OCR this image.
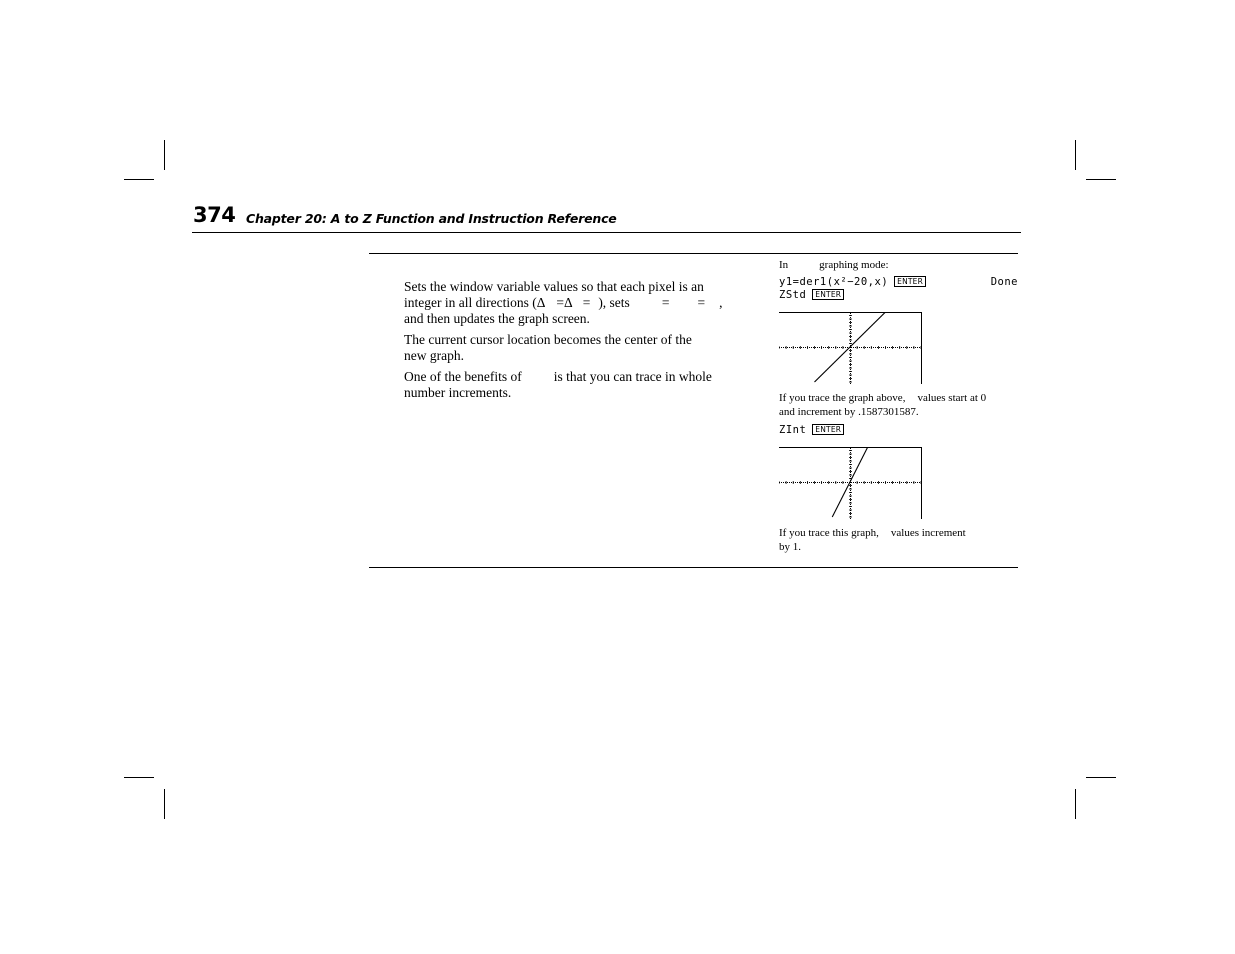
374 Chapter 20: A to Z Function and Instruction Reference

Sets the window variable values so that each pixel is an

integer in all directions (Δ =Δ = ), sets = = ,

and then updates the graph screen.

The current cursor location becomes the center of the

new graph.

One of the benefits of is that you can trace in whole

number increments.

In	graphing mode:
y1=der1(x²−20,x) ENTER	Done
ZStd ENTER
If you trace the graph above, values start at 0
and increment by .1587301587.
ZInt ENTER
If you trace this graph, values increment
by 1.
